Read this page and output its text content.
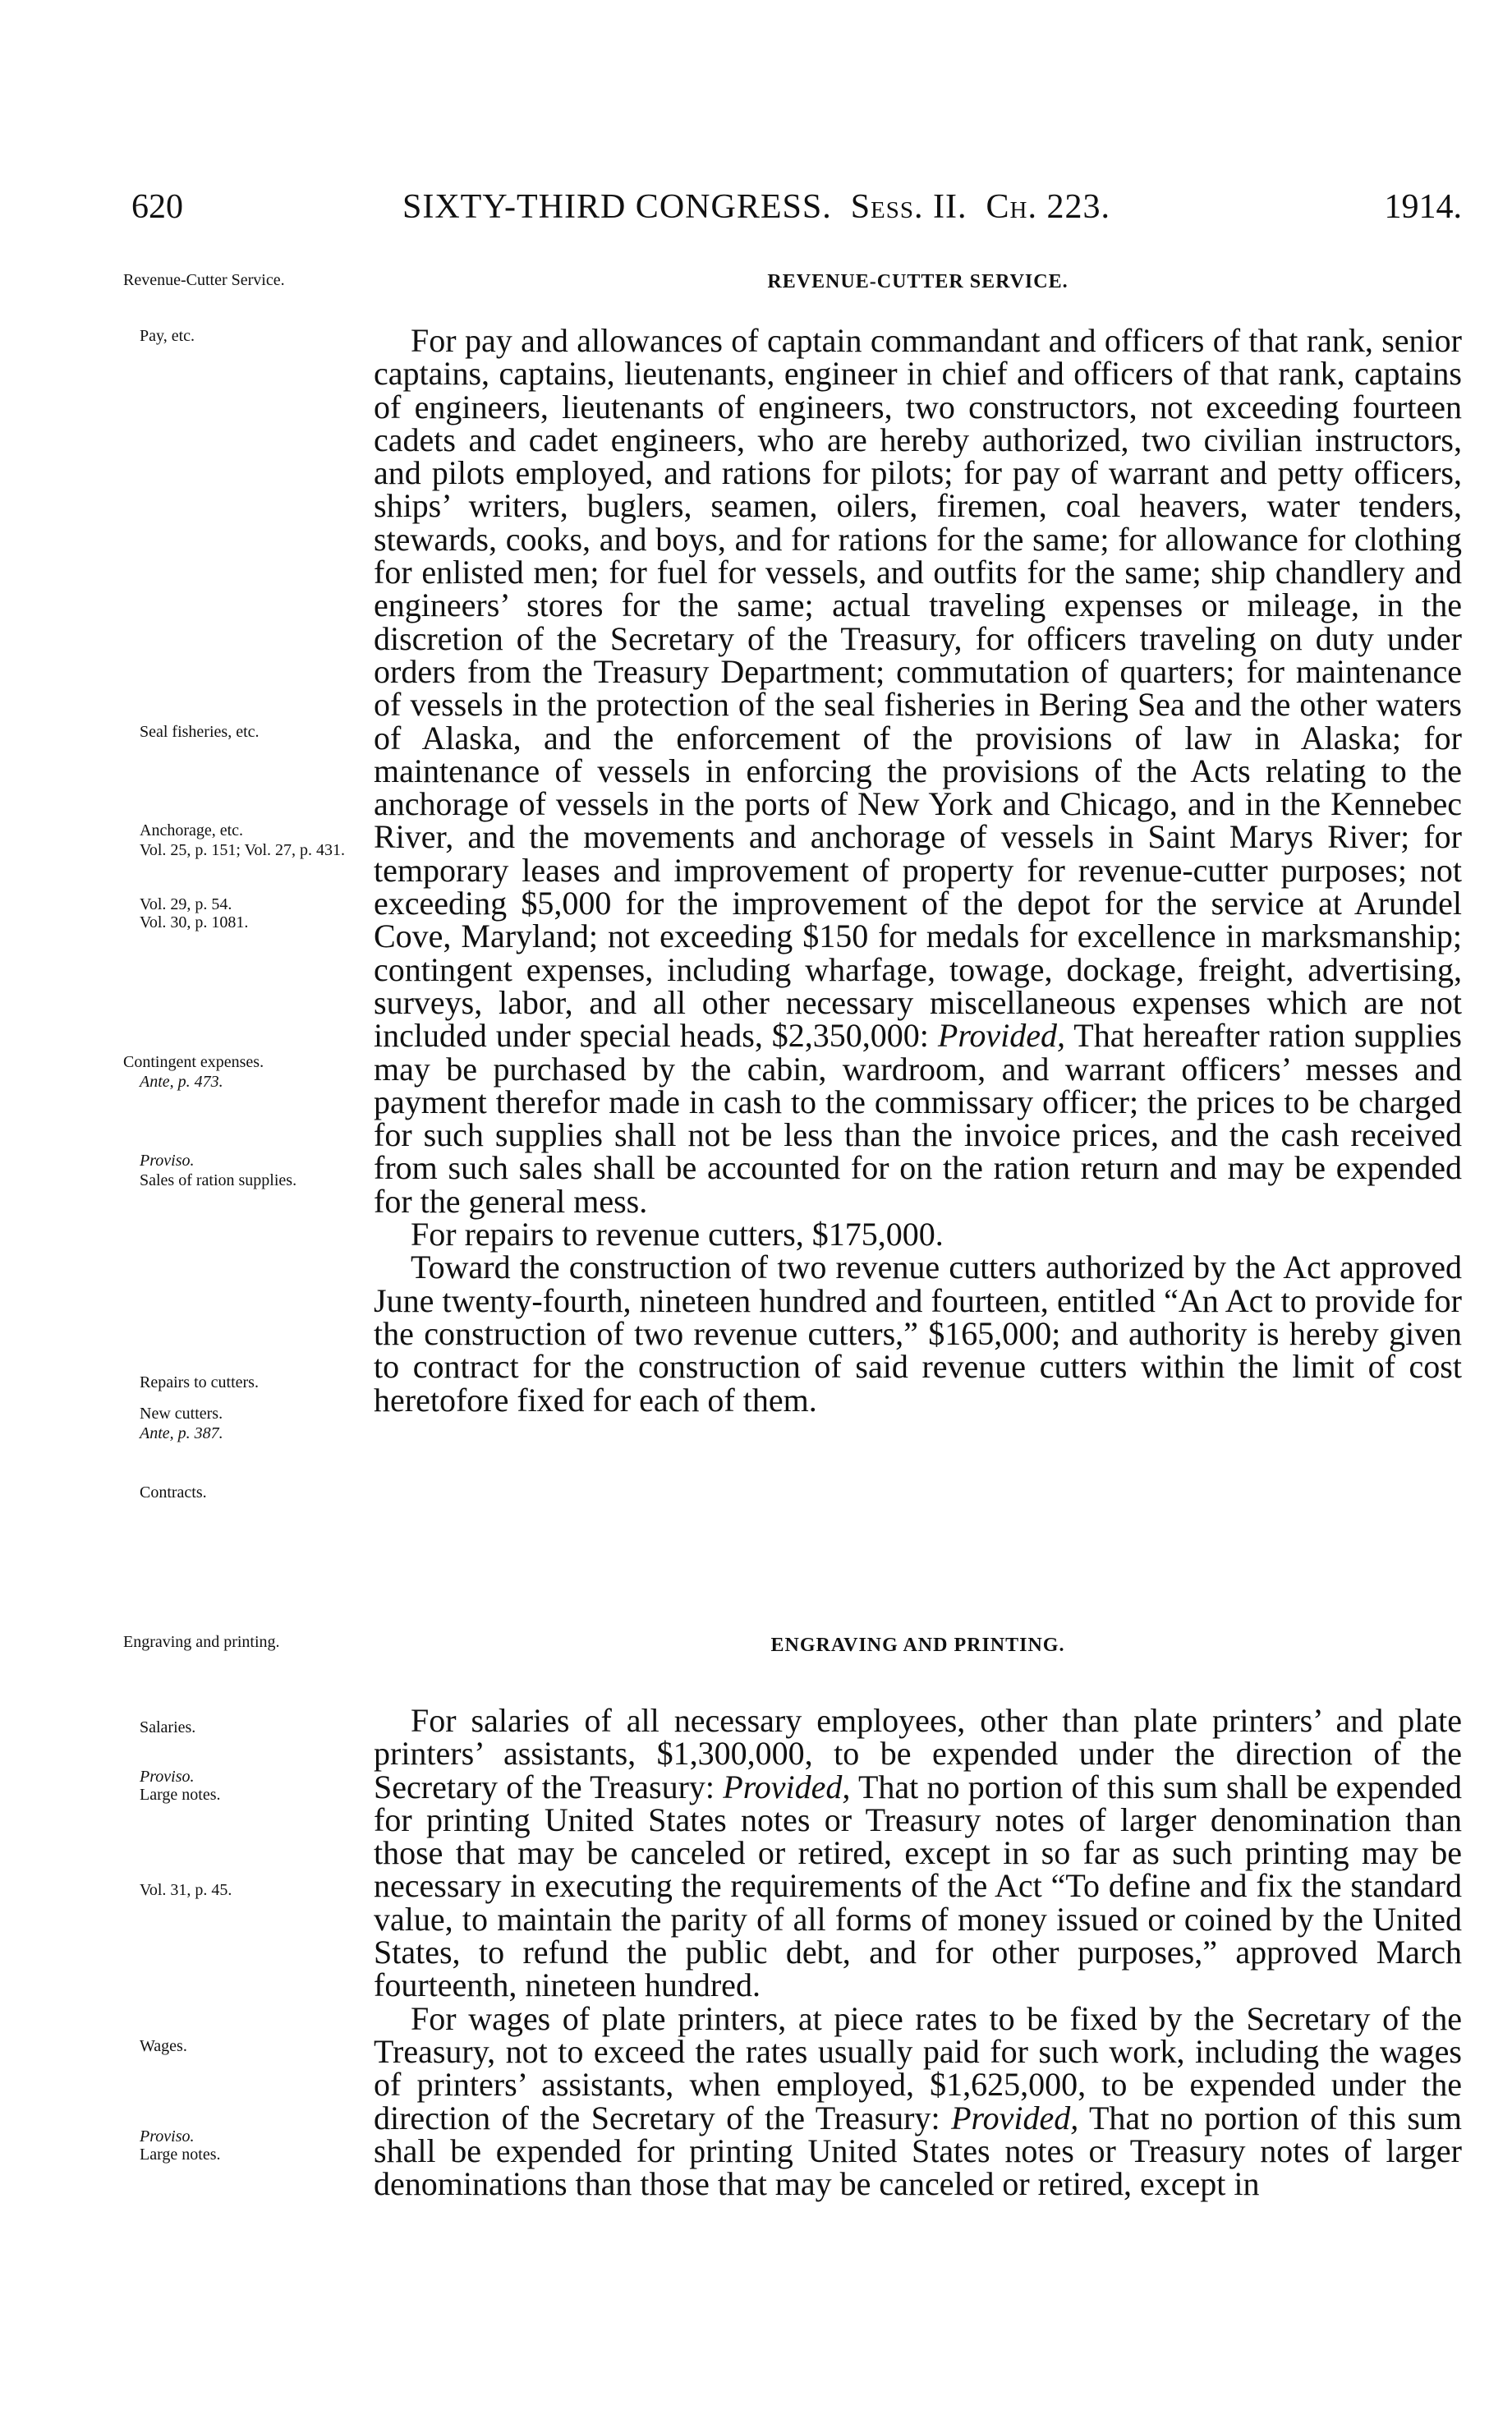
620	SIXTY-THIRD CONGRESS. Sess. II. Ch. 223.	1914.
Revenue-Cutter Service.
Pay, etc.
Seal fisheries, etc.
Anchorage, etc.
Vol. 25, p. 151; Vol. 27, p. 431.
Vol. 29, p. 54.
Vol. 30, p. 1081.
Contingent expenses.
Ante, p. 473.
Proviso.
Sales of ration supplies.
Repairs to cutters.
New cutters.
Ante, p. 387.
Contracts.
Engraving and printing.
Salaries.
Proviso.
Large notes.
Vol. 31, p. 45.
Wages.
Proviso.
Large notes.
REVENUE-CUTTER SERVICE.

For pay and allowances of captain commandant and officers of that rank, senior captains, captains, lieutenants, engineer in chief and officers of that rank, captains of engineers, lieutenants of engineers, two constructors, not exceeding fourteen cadets and cadet engineers, who are hereby authorized, two civilian instructors, and pilots employed, and rations for pilots; for pay of warrant and petty officers, ships’ writers, buglers, seamen, oilers, firemen, coal heavers, water tenders, stewards, cooks, and boys, and for rations for the same; for allowance for clothing for enlisted men; for fuel for vessels, and outfits for the same; ship chandlery and engineers’ stores for the same; actual traveling expenses or mileage, in the discretion of the Secretary of the Treasury, for officers traveling on duty under orders from the Treasury Department; commutation of quarters; for maintenance of vessels in the protection of the seal fisheries in Bering Sea and the other waters of Alaska, and the enforcement of the provisions of law in Alaska; for maintenance of vessels in enforcing the provisions of the Acts relating to the anchorage of vessels in the ports of New York and Chicago, and in the Kennebec River, and the movements and anchorage of vessels in Saint Marys River; for temporary leases and improvement of property for revenue-cutter purposes; not exceeding $5,000 for the improvement of the depot for the service at Arundel Cove, Maryland; not exceeding $150 for medals for excellence in marksmanship; contingent expenses, including wharfage, towage, dockage, freight, advertising, surveys, labor, and all other necessary miscellaneous expenses which are not included under special heads, $2,350,000: Provided, That hereafter ration supplies may be purchased by the cabin, wardroom, and warrant officers’ messes and payment therefor made in cash to the commissary officer; the prices to be charged for such supplies shall not be less than the invoice prices, and the cash received from such sales shall be accounted for on the ration return and may be expended for the general mess.

For repairs to revenue cutters, $175,000.

Toward the construction of two revenue cutters authorized by the Act approved June twenty-fourth, nineteen hundred and fourteen, entitled “An Act to provide for the construction of two revenue cutters,” $165,000; and authority is hereby given to contract for the construction of said revenue cutters within the limit of cost heretofore fixed for each of them.

ENGRAVING AND PRINTING.

For salaries of all necessary employees, other than plate printers’ and plate printers’ assistants, $1,300,000, to be expended under the direction of the Secretary of the Treasury: Provided, That no portion of this sum shall be expended for printing United States notes or Treasury notes of larger denomination than those that may be canceled or retired, except in so far as such printing may be necessary in executing the requirements of the Act “To define and fix the standard value, to maintain the parity of all forms of money issued or coined by the United States, to refund the public debt, and for other purposes,” approved March fourteenth, nineteen hundred.

For wages of plate printers, at piece rates to be fixed by the Secretary of the Treasury, not to exceed the rates usually paid for such work, including the wages of printers’ assistants, when employed, $1,625,000, to be expended under the direction of the Secretary of the Treasury: Provided, That no portion of this sum shall be expended for printing United States notes or Treasury notes of larger denominations than those that may be canceled or retired, except in
